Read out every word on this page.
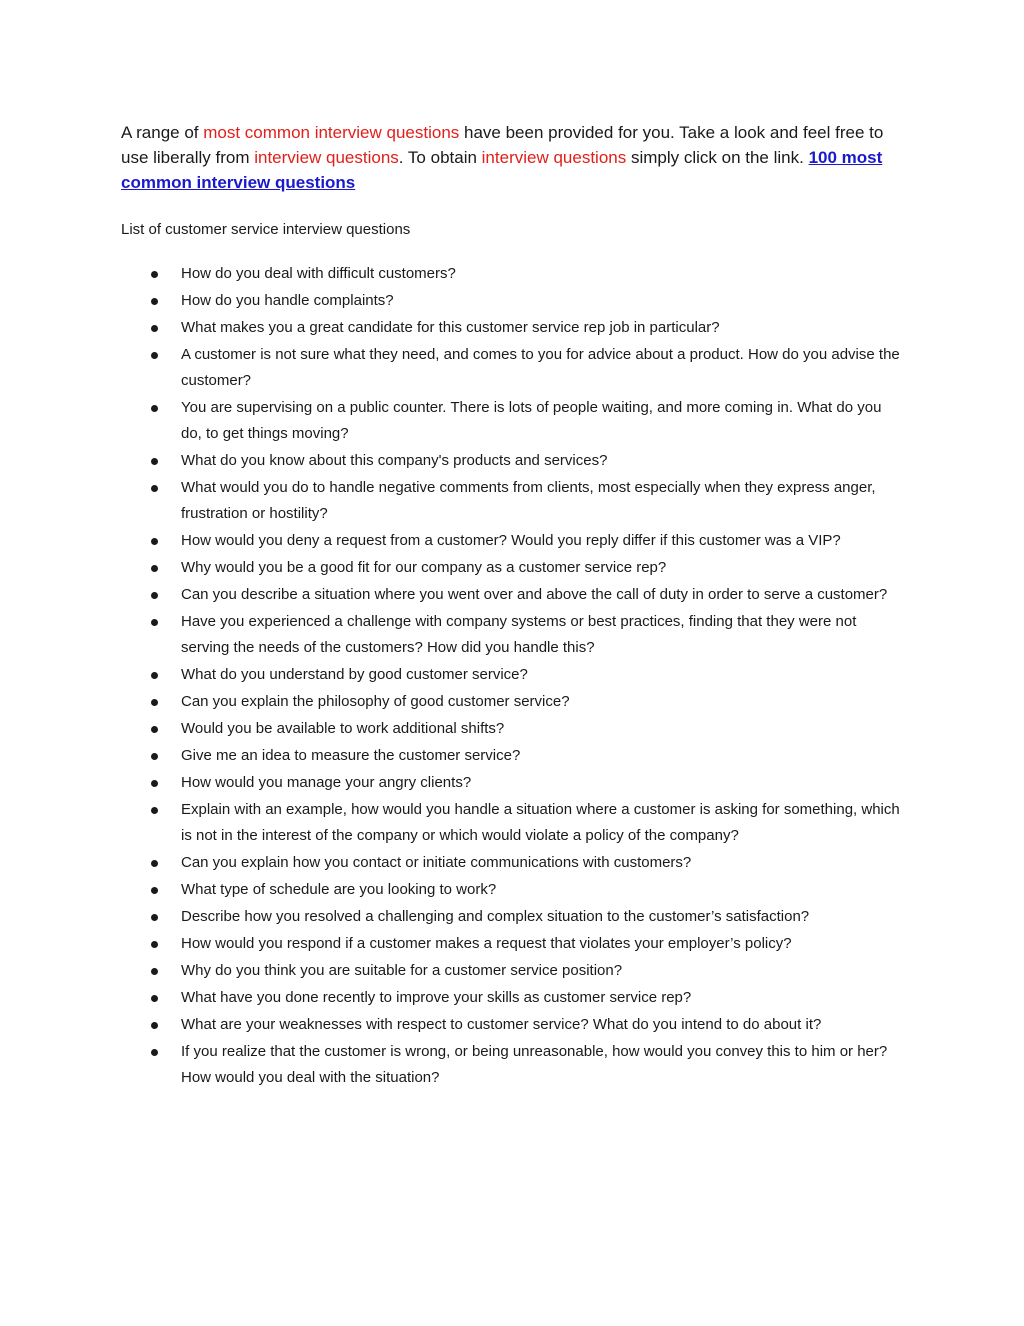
A range of most common interview questions have been provided for you. Take a look and feel free to use liberally from interview questions. To obtain interview questions simply click on the link. 100 most common interview questions

List of customer service interview questions

How do you deal with difficult customers?
How do you handle complaints?
What makes you a great candidate for this customer service rep job in particular?
A customer is not sure what they need, and comes to you for advice about a product. How do you advise the customer?
You are supervising on a public counter. There is lots of people waiting, and more coming in. What do you do, to get things moving?
What do you know about this company's products and services?
What would you do to handle negative comments from clients, most especially when they express anger, frustration or hostility?
How would you deny a request from a customer? Would you reply differ if this customer was a VIP?
Why would you be a good fit for our company as a customer service rep?
Can you describe a situation where you went over and above the call of duty in order to serve a customer?
Have you experienced a challenge with company systems or best practices, finding that they were not serving the needs of the customers? How did you handle this?
What do you understand by good customer service?
Can you explain the philosophy of good customer service?
Would you be available to work additional shifts?
Give me an idea to measure the customer service?
How would you manage your angry clients?
Explain with an example, how would you handle a situation where a customer is asking for something, which is not in the interest of the company or which would violate a policy of the company?
Can you explain how you contact or initiate communications with customers?
What type of schedule are you looking to work?
Describe how you resolved a challenging and complex situation to the customer’s satisfaction?
How would you respond if a customer makes a request that violates your employer’s policy?
Why do you think you are suitable for a customer service position?
What have you done recently to improve your skills as customer service rep?
What are your weaknesses with respect to customer service? What do you intend to do about it?
If you realize that the customer is wrong, or being unreasonable, how would you convey this to him or her? How would you deal with the situation?
